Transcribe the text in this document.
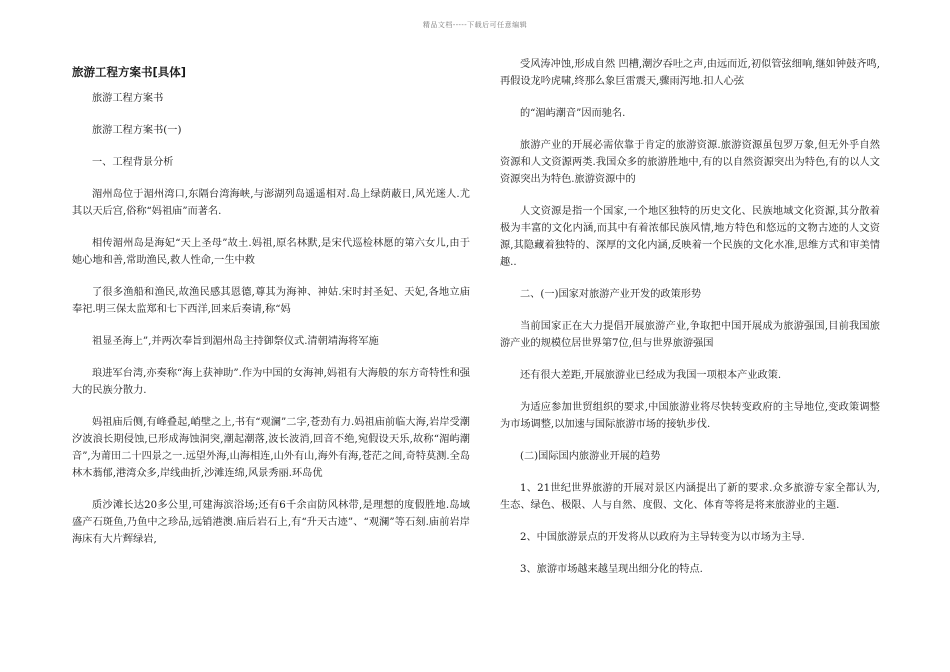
精品文档-----下载后可任意编辑
旅游工程方案书[具体]
旅游工程方案书
旅游工程方案书(一)
一、工程背景分析
湄州岛位于湄州湾口,东隔台湾海峡,与澎湖列岛遥遥相对.岛上绿荫蔽日,风光迷人.尤其以天后宫,俗称“妈祖庙”而著名.
相传湄州岛是海妃“天上圣母”故土.妈祖,原名林默,是宋代巡检林愿的第六女儿,由于她心地和善,常助渔民,救人性命,一生中救
了很多渔船和渔民,故渔民感其恩德,尊其为海神、神姑.宋时封圣妃、天妃,各地立庙奉祀.明三保太监郑和七下西洋,回来后奏请,称“妈
祖显圣海上”,并两次奉旨到湄州岛主持御祭仪式.清朝靖海将军施
琅进军台湾,亦奏称“海上获神助”.作为中国的女海神,妈祖有大海般的东方奇特性和强大的民族分散力.
妈祖庙后侧,有峰叠起,峭壁之上,书有“观澜”二字,苍劲有力.妈祖庙前临大海,岩岸受潮汐波浪长期侵蚀,已形成海蚀洞突,潮起潮落,波长波消,回音不绝,宛假设天乐,故称“湄屿潮音”,为莆田二十四景之一.远望外海,山海相连,山外有山,海外有海,苍茫之间,奇特莫测.全岛林木蓊郁,港湾众多,岸线曲折,沙滩连绵,风景秀丽.环岛优
质沙滩长达20多公里,可建海滨浴场;还有6千余亩防风林带,是理想的度假胜地.岛域盛产石斑鱼,乃鱼中之珍品,远销港澳.庙后岩石上,有“升天古迹”、“观澜”等石刻.庙前岩岸海床有大片辉绿岩,
受风涛冲蚀,形成自然 凹槽,潮汐吞吐之声,由远而近,初似管弦细响,继如钟鼓齐鸣,再假设龙吟虎啸,终那么象巨雷震天,骤雨泻地.扣人心弦
的“湄屿潮音”因而驰名.
旅游产业的开展必需依靠于肯定的旅游资源.旅游资源虽包罗万象,但无外乎自然资源和人文资源两类.我国众多的旅游胜地中,有的以自然资源突出为特色,有的以人文资源突出为特色.旅游资源中的
人文资源是指一个国家,一个地区独特的历史文化、民族地域文化资源,其分散着极为丰富的文化内涵,而其中有着浓郁民族风情,地方特色和悠远的文物古迹的人文资源,其隐藏着独特的、深厚的文化内涵,反映着一个民族的文化水准,思维方式和审美情趣..
二、(一)国家对旅游产业开发的政策形势
当前国家正在大力提倡开展旅游产业,争取把中国开展成为旅游强国,目前我国旅游产业的规模位居世界第7位,但与世界旅游强国
还有很大差距,开展旅游业已经成为我国一项根本产业政策.
为适应参加世贸组织的要求,中国旅游业将尽快转变政府的主导地位,变政策调整为市场调整,以加速与国际旅游市场的接轨步伐.
(二)国际国内旅游业开展的趋势
1、21世纪世界旅游的开展对景区内涵提出了新的要求.众多旅游专家全都认为,生态、绿色、极限、人与自然、度假、文化、体育等将是将来旅游业的主题.
2、中国旅游景点的开发将从以政府为主导转变为以市场为主导.
3、旅游市场越来越呈现出细分化的特点.
